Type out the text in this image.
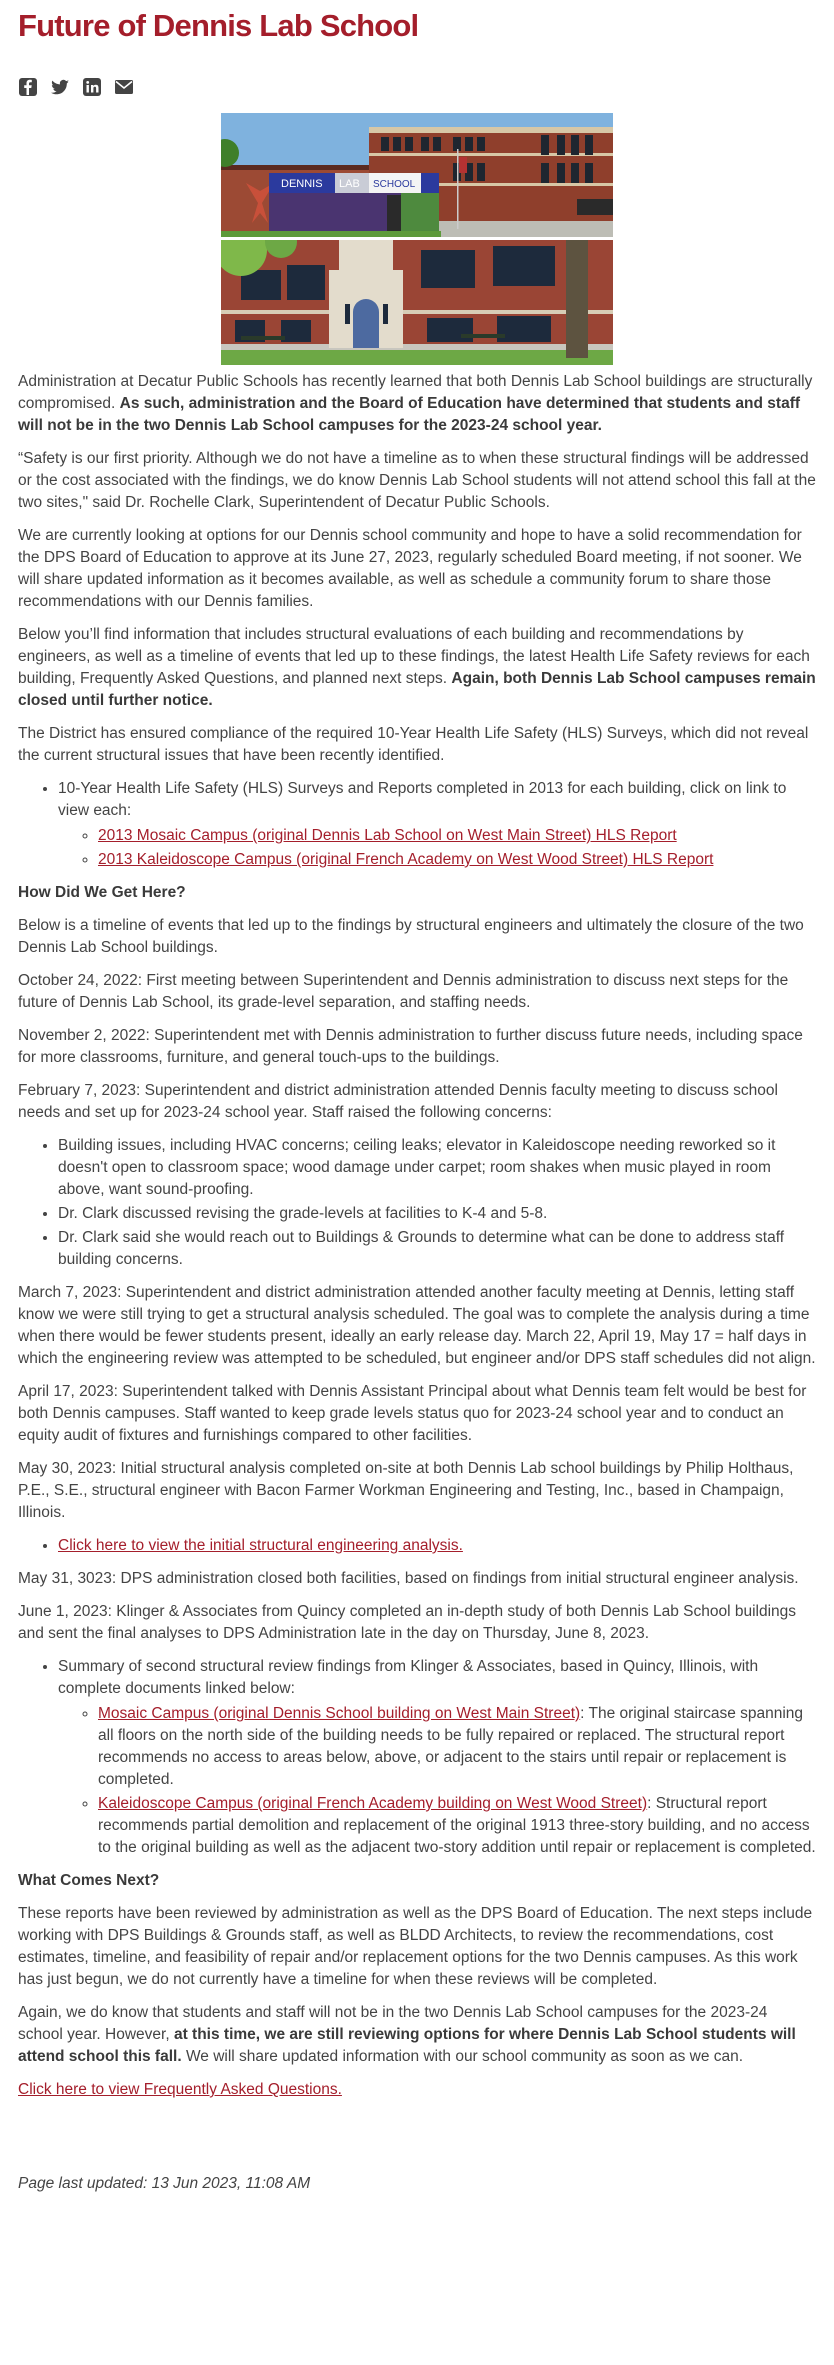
Future of Dennis Lab School
DENNIS LAB SCHOOL

Administration at Decatur Public Schools has recently learned that both Dennis Lab School buildings are structurally compromised. As such, administration and the Board of Education have determined that students and staff will not be in the two Dennis Lab School campuses for the 2023-24 school year.

“Safety is our first priority. Although we do not have a timeline as to when these structural findings will be addressed or the cost associated with the findings, we do know Dennis Lab School students will not attend school this fall at the two sites," said Dr. Rochelle Clark, Superintendent of Decatur Public Schools.

We are currently looking at options for our Dennis school community and hope to have a solid recommendation for the DPS Board of Education to approve at its June 27, 2023, regularly scheduled Board meeting, if not sooner. We will share updated information as it becomes available, as well as schedule a community forum to share those recommendations with our Dennis families.

Below you’ll find information that includes structural evaluations of each building and recommendations by engineers, as well as a timeline of events that led up to these findings, the latest Health Life Safety reviews for each building, Frequently Asked Questions, and planned next steps. Again, both Dennis Lab School campuses remain closed until further notice.

The District has ensured compliance of the required 10-Year Health Life Safety (HLS) Surveys, which did not reveal the current structural issues that have been recently identified.

• 10-Year Health Life Safety (HLS) Surveys and Reports completed in 2013 for each building, click on link to view each:
◦ 2013 Mosaic Campus (original Dennis Lab School on West Main Street) HLS Report
◦ 2013 Kaleidoscope Campus (original French Academy on West Wood Street) HLS Report
How Did We Get Here?

Below is a timeline of events that led up to the findings by structural engineers and ultimately the closure of the two Dennis Lab School buildings.

October 24, 2022: First meeting between Superintendent and Dennis administration to discuss next steps for the future of Dennis Lab School, its grade-level separation, and staffing needs.

November 2, 2022: Superintendent met with Dennis administration to further discuss future needs, including space for more classrooms, furniture, and general touch-ups to the buildings.

February 7, 2023: Superintendent and district administration attended Dennis faculty meeting to discuss school needs and set up for 2023-24 school year. Staff raised the following concerns:

• Building issues, including HVAC concerns; ceiling leaks; elevator in Kaleidoscope needing reworked so it doesn't open to classroom space; wood damage under carpet; room shakes when music played in room above, want sound-proofing.
• Dr. Clark discussed revising the grade-levels at facilities to K-4 and 5-8.
• Dr. Clark said she would reach out to Buildings & Grounds to determine what can be done to address staff building concerns.

March 7, 2023: Superintendent and district administration attended another faculty meeting at Dennis, letting staff know we were still trying to get a structural analysis scheduled. The goal was to complete the analysis during a time when there would be fewer students present, ideally an early release day. March 22, April 19, May 17 = half days in which the engineering review was attempted to be scheduled, but engineer and/or DPS staff schedules did not align.

April 17, 2023: Superintendent talked with Dennis Assistant Principal about what Dennis team felt would be best for both Dennis campuses. Staff wanted to keep grade levels status quo for 2023-24 school year and to conduct an equity audit of fixtures and furnishings compared to other facilities.

May 30, 2023: Initial structural analysis completed on-site at both Dennis Lab school buildings by Philip Holthaus, P.E., S.E., structural engineer with Bacon Farmer Workman Engineering and Testing, Inc., based in Champaign, Illinois.

• Click here to view the initial structural engineering analysis.

May 31, 3023: DPS administration closed both facilities, based on findings from initial structural engineer analysis.

June 1, 2023: Klinger & Associates from Quincy completed an in-depth study of both Dennis Lab School buildings and sent the final analyses to DPS Administration late in the day on Thursday, June 8, 2023.

• Summary of second structural review findings from Klinger & Associates, based in Quincy, Illinois, with complete documents linked below:
◦ Mosaic Campus (original Dennis School building on West Main Street): The original staircase spanning all floors on the north side of the building needs to be fully repaired or replaced. The structural report recommends no access to areas below, above, or adjacent to the stairs until repair or replacement is completed.
◦ Kaleidoscope Campus (original French Academy building on West Wood Street): Structural report recommends partial demolition and replacement of the original 1913 three-story building, and no access to the original building as well as the adjacent two-story addition until repair or replacement is completed.
What Comes Next?

These reports have been reviewed by administration as well as the DPS Board of Education. The next steps include working with DPS Buildings & Grounds staff, as well as BLDD Architects, to review the recommendations, cost estimates, timeline, and feasibility of repair and/or replacement options for the two Dennis campuses. As this work has just begun, we do not currently have a timeline for when these reviews will be completed.

Again, we do know that students and staff will not be in the two Dennis Lab School campuses for the 2023-24 school year. However, at this time, we are still reviewing options for where Dennis Lab School students will attend school this fall. We will share updated information with our school community as soon as we can.

Click here to view Frequently Asked Questions.

Page last updated: 13 Jun 2023, 11:08 AM
